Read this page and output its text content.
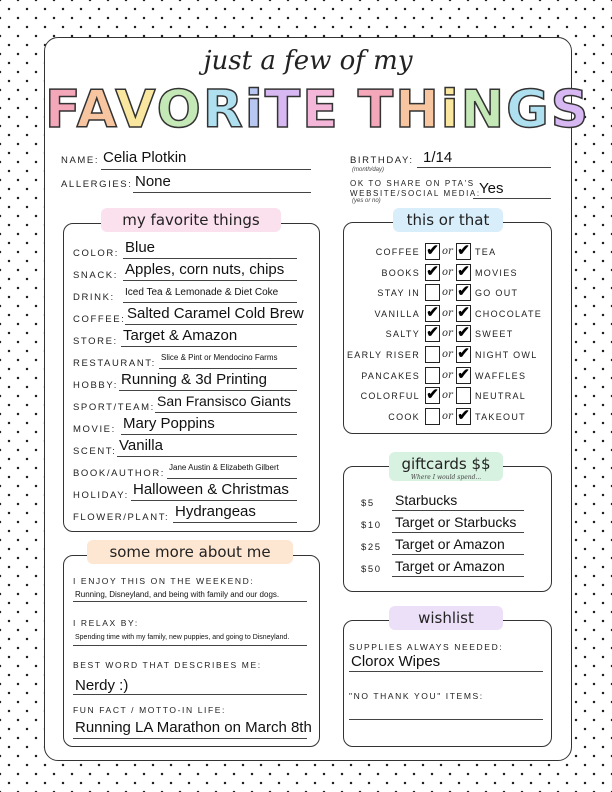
just a few of my
FAVORiTE THiNGS
NAME: Celia Plotkin
ALLERGIES: None
BIRTHDAY: 1/14
(month/day)
OK TO SHARE ON PTA'S
WEBSITE/SOCIAL MEDIA:
(yes or no)
Yes
my favorite things
COLOR: Blue
SNACK: Apples, corn nuts, chips
DRINK: Iced Tea & Lemonade & Diet Coke
COFFEE: Salted Caramel Cold Brew
STORE: Target & Amazon
RESTAURANT:
Slice & Pint or Mendocino Farms
HOBBY: Running & 3d Printing
SPORT/TEAM: San Fransisco Giants
MOVIE: Mary Poppins
SCENT: Vanilla
BOOK/AUTHOR:
Jane Austin & Elizabeth Gilbert
HOLIDAY: Halloween & Christmas
FLOWER/PLANT: Hydrangeas
this or that
COFFEE ✔ or ✔ TEA
BOOKS ✔ or ✔ MOVIES
STAY IN or ✔ GO OUT
VANILLA ✔ or ✔ CHOCOLATE
SALTY ✔ or ✔ SWEET
EARLY RISER or ✔ NIGHT OWL
PANCAKES or ✔ WAFFLES
COLORFUL ✔ or NEUTRAL
COOK or ✔ TAKEOUT
giftcards $$
Where I would spend...
$5 Starbucks
$10 Target or Starbucks
$25 Target or Amazon
$50 Target or Amazon
some more about me
I ENJOY THIS ON THE WEEKEND:
Running, Disneyland, and being with family and our dogs.
I RELAX BY:
Spending time with my family, new puppies, and going to Disneyland.
BEST WORD THAT DESCRIBES ME:
Nerdy :)
FUN FACT / MOTTO-IN LIFE:
Running LA Marathon on March 8th
wishlist
SUPPLIES ALWAYS NEEDED:
Clorox Wipes
"NO THANK YOU" ITEMS:
